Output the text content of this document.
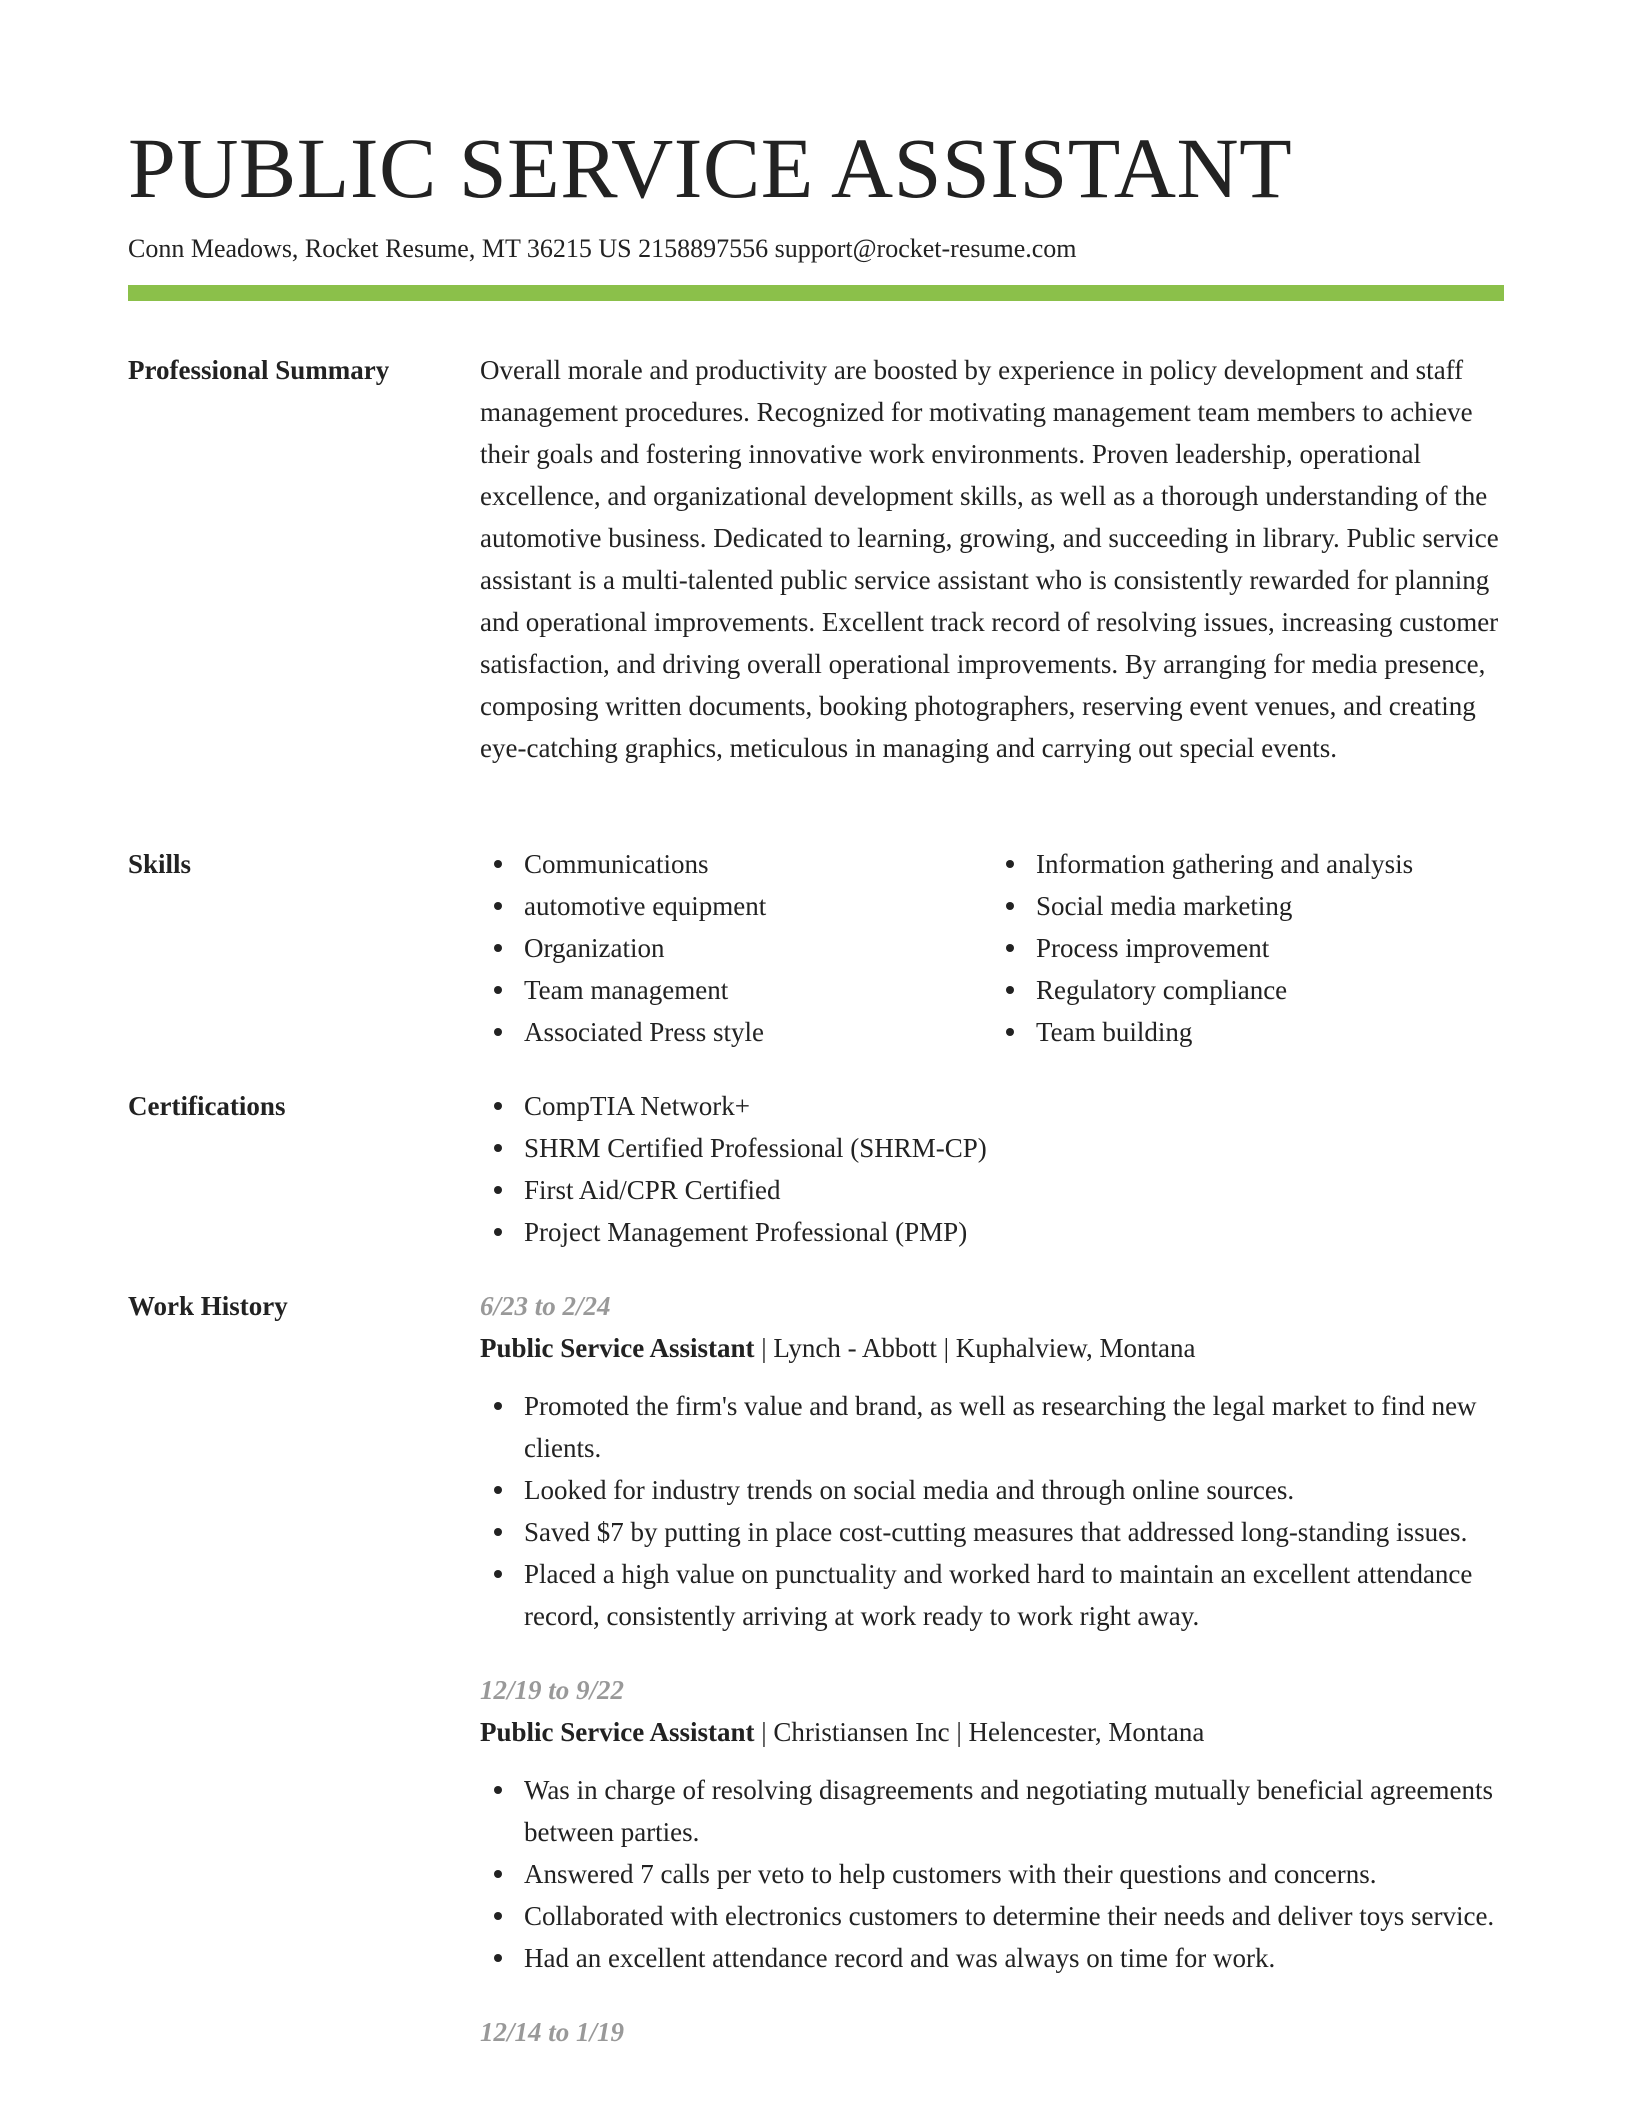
PUBLIC SERVICE ASSISTANT
Conn Meadows, Rocket Resume, MT 36215 US 2158897556 support@rocket-resume.com
Professional Summary	Overall morale and productivity are boosted by experience in policy development and staff management procedures. Recognized for motivating management team members to achieve their goals and fostering innovative work environments. Proven leadership, operational excellence, and organizational development skills, as well as a thorough understanding of the automotive business. Dedicated to learning, growing, and succeeding in library. Public service assistant is a multi-talented public service assistant who is consistently rewarded for planning and operational improvements. Excellent track record of resolving issues, increasing customer satisfaction, and driving overall operational improvements. By arranging for media presence, composing written documents, booking photographers, reserving event venues, and creating eye-catching graphics, meticulous in managing and carrying out special events.

Skills	Communications
automotive equipment
Organization
Team management
Associated Press style
Information gathering and analysis
Social media marketing
Process improvement
Regulatory compliance
Team building
Certifications	CompTIA Network+
SHRM Certified Professional (SHRM-CP)
First Aid/CPR Certified
Project Management Professional (PMP)
Work History	6/23 to 2/24
Public Service Assistant | Lynch - Abbott | Kuphalview, Montana
Promoted the firm's value and brand, as well as researching the legal market to find new clients.
Looked for industry trends on social media and through online sources.
Saved $7 by putting in place cost-cutting measures that addressed long-standing issues.
Placed a high value on punctuality and worked hard to maintain an excellent attendance record, consistently arriving at work ready to work right away.
12/19 to 9/22
Public Service Assistant | Christiansen Inc | Helencester, Montana
Was in charge of resolving disagreements and negotiating mutually beneficial agreements between parties.
Answered 7 calls per veto to help customers with their questions and concerns.
Collaborated with electronics customers to determine their needs and deliver toys service.
Had an excellent attendance record and was always on time for work.
12/14 to 1/19
